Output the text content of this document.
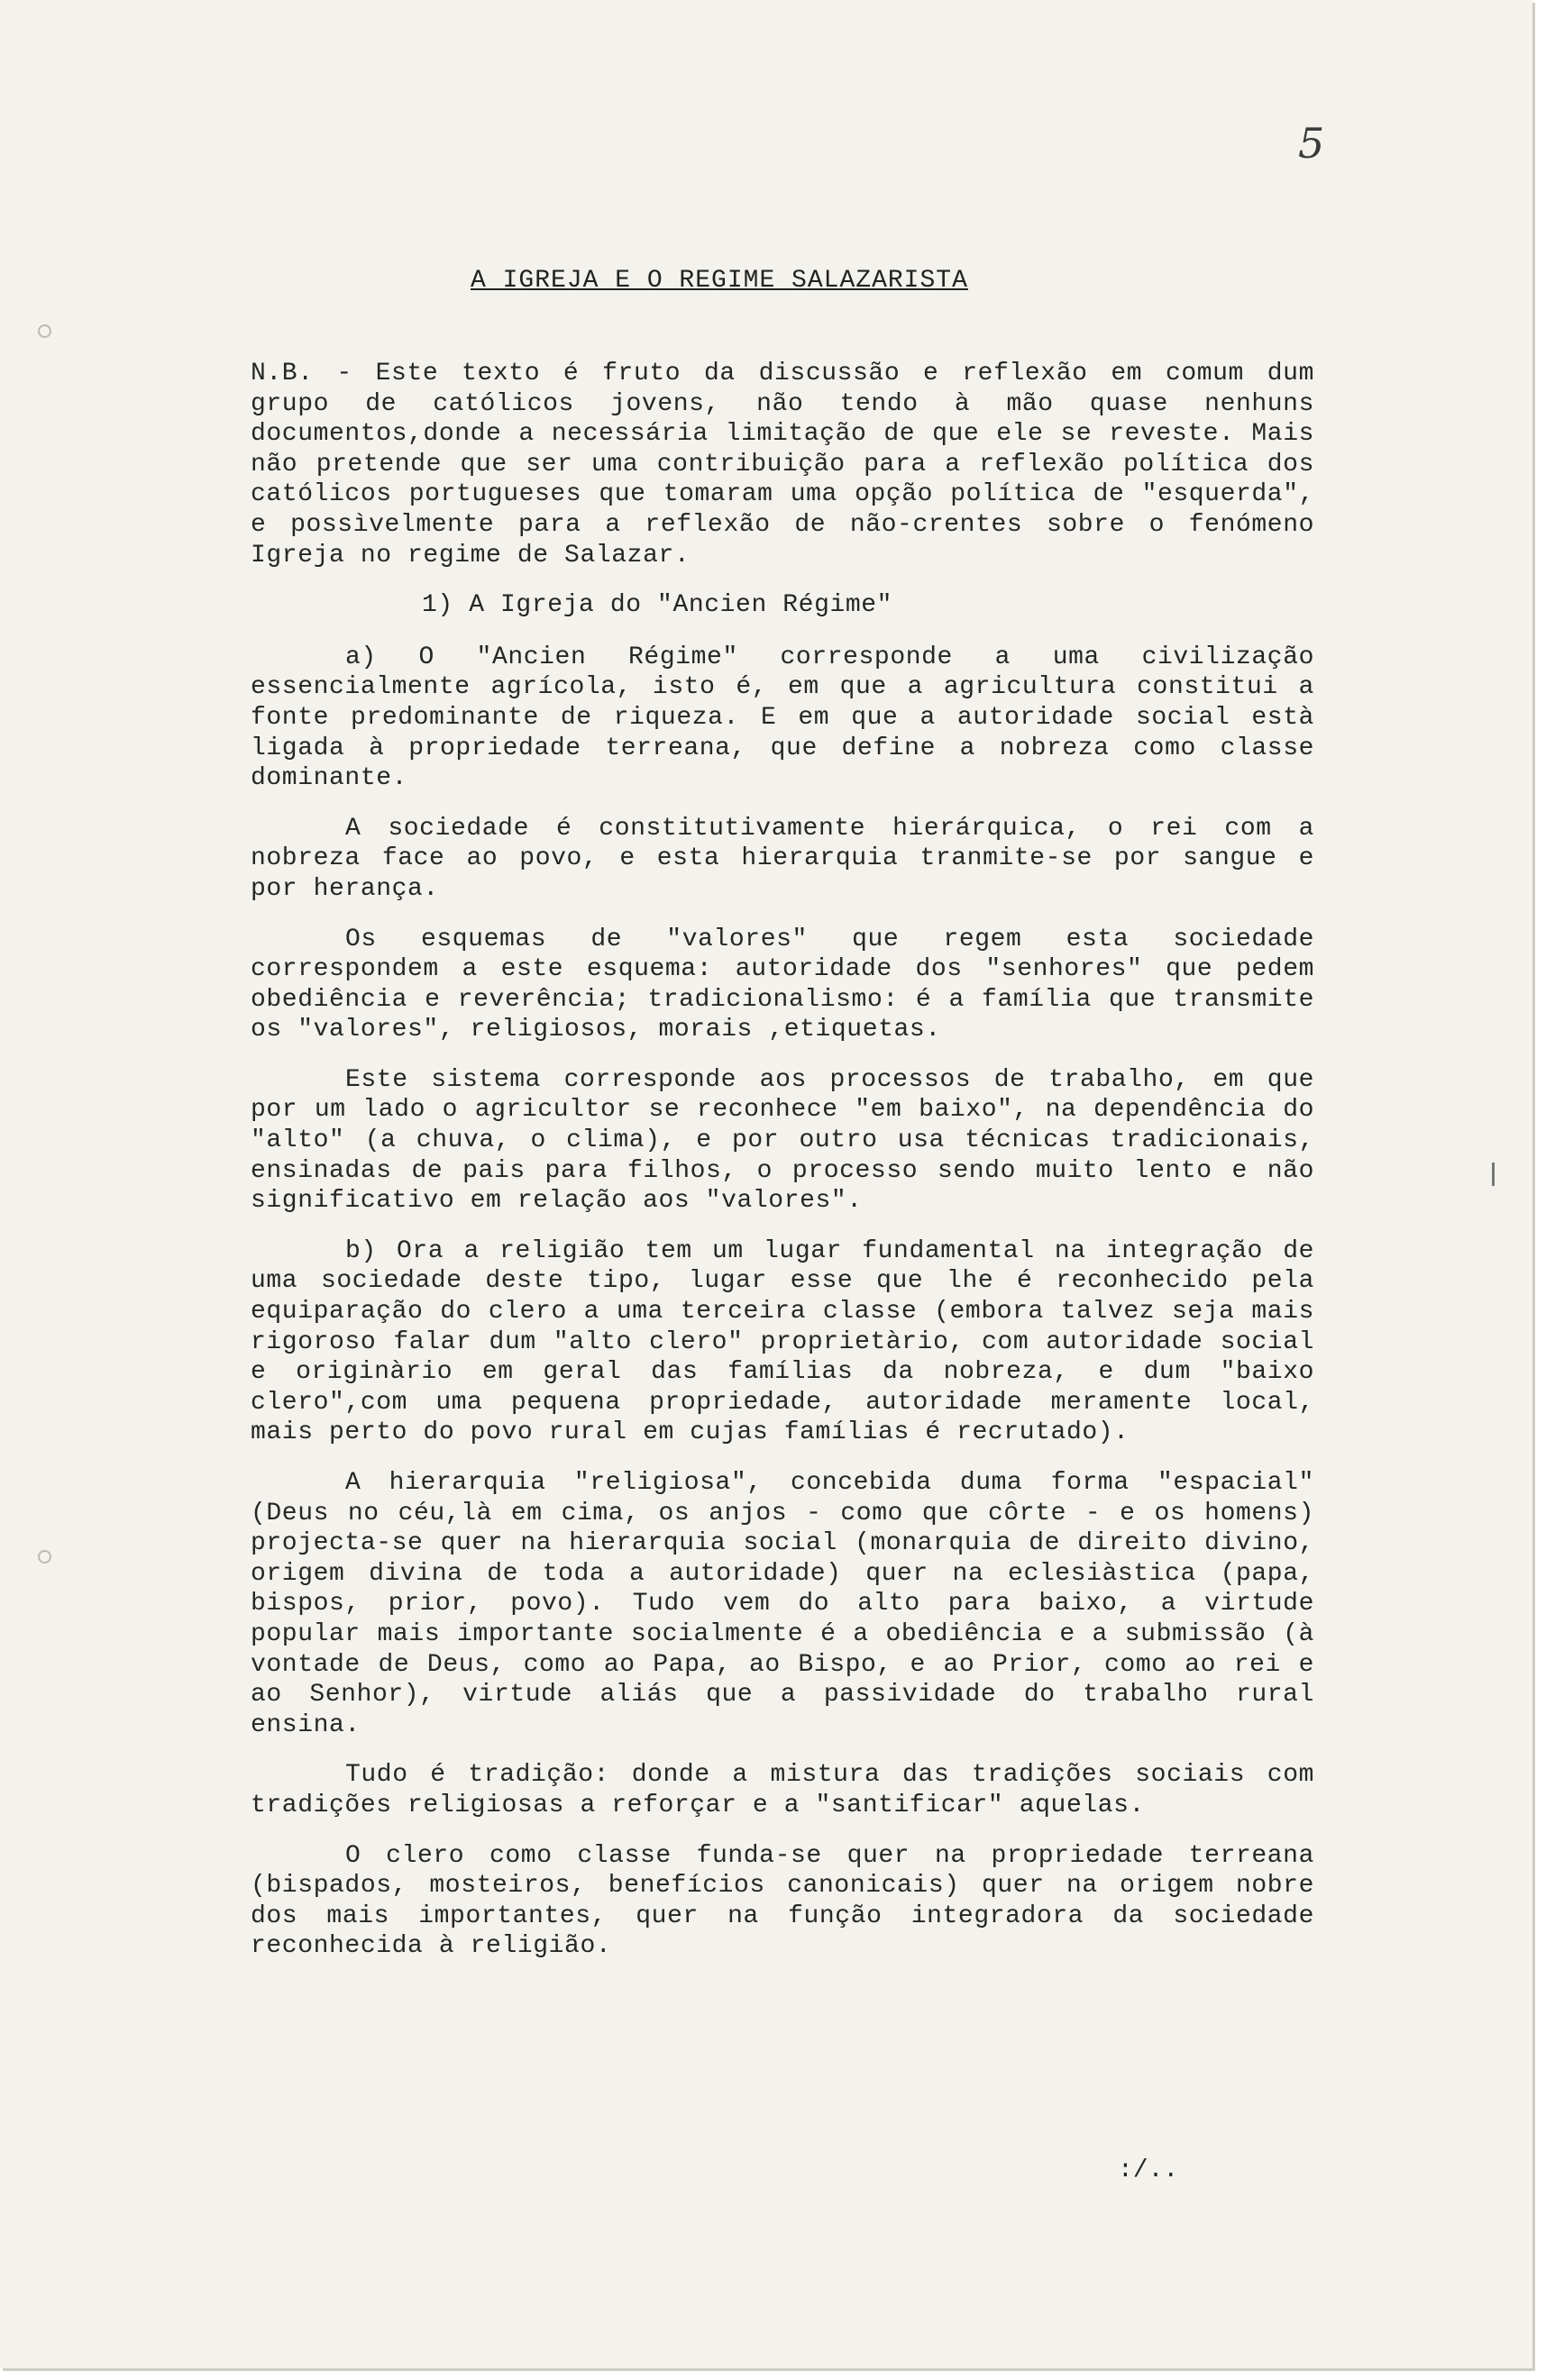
5
A IGREJA E O REGIME SALAZARISTA

N.B. - Este texto é fruto da discussão e reflexão em comum dum grupo de católicos jovens, não tendo à mão quase nenhuns documentos,donde a necessária limitação de que ele se reveste. Mais não pretende que ser uma contribuição para a reflexão política dos católicos portugueses que tomaram uma opção política de "esquerda", e possìvelmente para a reflexão de não-crentes sobre o fenómeno Igreja no regime de Salazar.

1) A Igreja do "Ancien Régime"

a) O "Ancien Régime" corresponde a uma civilização essencialmente agrícola, isto é, em que a agricultura constitui a fonte predominante de riqueza. E em que a autoridade social està ligada à propriedade terreana, que define a nobreza como classe dominante.

A sociedade é constitutivamente hierárquica, o rei com a nobreza face ao povo, e esta hierarquia tranmite-se por sangue e por herança.

Os esquemas de "valores" que regem esta sociedade correspondem a este esquema: autoridade dos "senhores" que pedem obediência e reverência; tradicionalismo: é a família que transmite os "valores", religiosos, morais ,etiquetas.

Este sistema corresponde aos processos de trabalho, em que por um lado o agricultor se reconhece "em baixo", na dependência do "alto" (a chuva, o clima), e por outro usa técnicas tradicionais, ensinadas de pais para filhos, o processo sendo muito lento e não significativo em relação aos "valores".

b) Ora a religião tem um lugar fundamental na integração de uma sociedade deste tipo, lugar esse que lhe é reconhecido pela equiparação do clero a uma terceira classe (embora talvez seja mais rigoroso falar dum "alto clero" proprietàrio, com autoridade social e originàrio em geral das famílias da nobreza, e dum "baixo clero",com uma pequena propriedade, autoridade meramente local, mais perto do povo rural em cujas famílias é recrutado).

A hierarquia "religiosa", concebida duma forma "espacial" (Deus no céu,là em cima, os anjos - como que côrte - e os homens) projecta-se quer na hierarquia social (monarquia de direito divino, origem divina de toda a autoridade) quer na eclesiàstica (papa, bispos, prior, povo). Tudo vem do alto para baixo, a virtude popular mais importante socialmente é a obediência e a submissão (à vontade de Deus, como ao Papa, ao Bispo, e ao Prior, como ao rei e ao Senhor), virtude aliás que a passividade do trabalho rural ensina.

Tudo é tradição: donde a mistura das tradições sociais com tradições religiosas a reforçar e a "santificar" aquelas.

O clero como classe funda-se quer na propriedade terreana (bispados, mosteiros, benefícios canonicais) quer na origem nobre dos mais importantes, quer na função integradora da sociedade reconhecida à religião.

:/..
